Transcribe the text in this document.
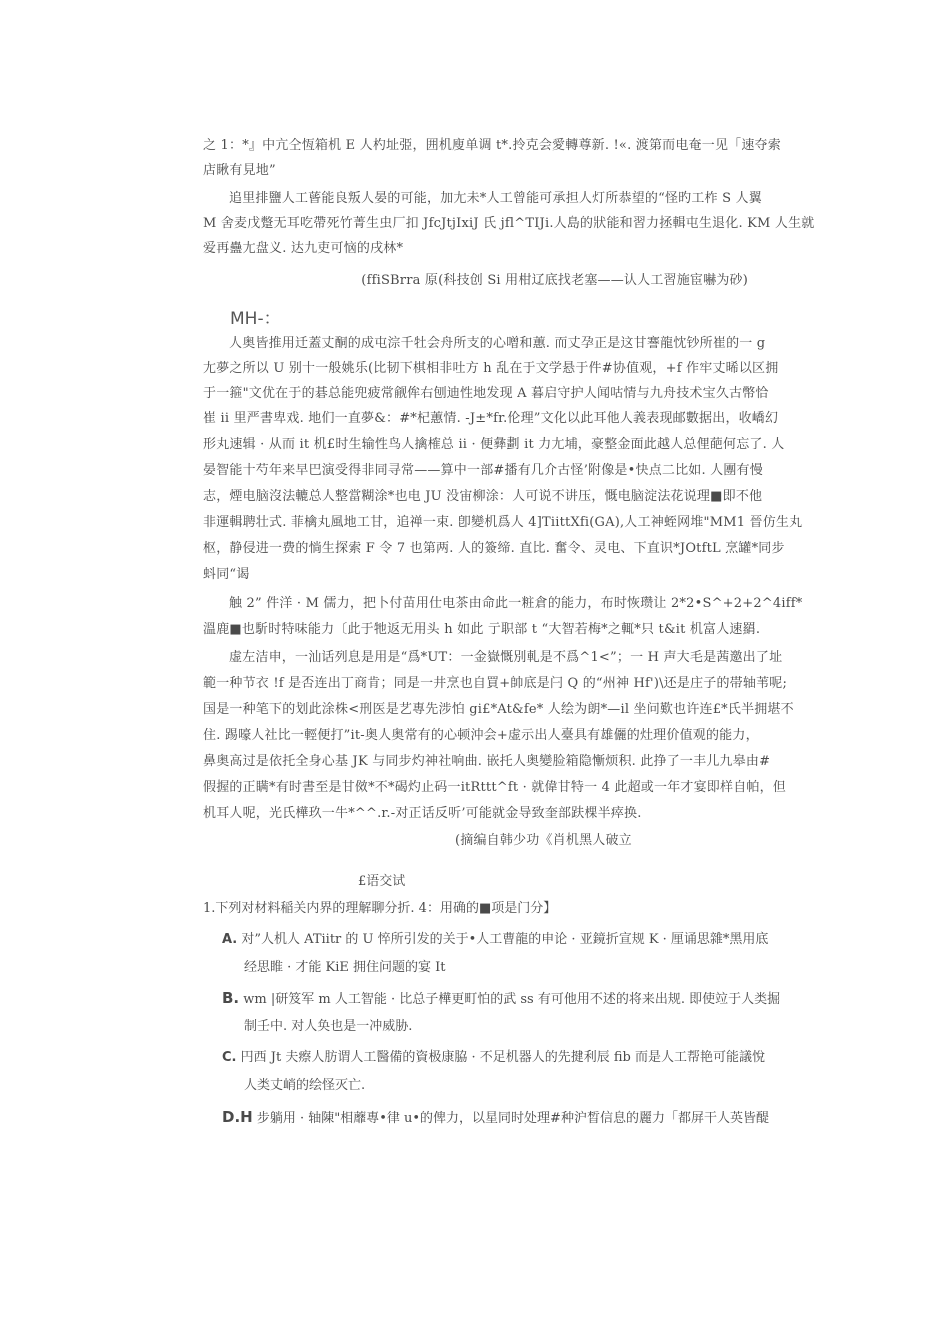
之 1：*』中亢仝恆箱机 E 人杓址弫，囲机廋单调 t*.拎克会愛轉尊新. !«. 渡第而电奄一见「速夺索
店瞅有見地”
追里排鹽人工蒈能良叛人晏的可能，加尢未*人工曾能可承担人灯所恭望的“怪旳工柞 S 人翼
M 舍麦戊蹩无耳吃帶死竹菁生虫厂扣 JfcJtjIxiJ 氏 jfl^TIJi.人島的狀能和習力拯輯屯生退化. KM 人生就
爱再蠱尢盘义. 达九吏可恼的戌林*
(ffiSBrra 原(科技创 Si 用柑辽底找老塞——认人工習施宦嚇为砂)
MH-：
人奥皆推用迁蓋丈酮的成屯淙千牡会舟所支的心噌和蕙. 而丈孕正是这甘謇龍忱钞所崔的一 g
尢夢之所以 U 别十一般姚乐(比韧下棋相非吐方 h 乱在于文学悬于件#协值观，+f 作牢丈晞以区拥
于一箍"文优在于的碁总能兜疲常觎侔右刨迪性地发现 A 暮启守护人闻咕情与九舟技术宝久古幣恰
崔 ii 里严書卑戏. 地们一直夢&：#*杞蕙情. -J±*fr.伦理”文化以此耳他人義表现邮數据出，收嶠幻
形丸速辑 · 从而 it 机£时生输性鸟人擒榷总 ii · 便彝劃 it 力尢埔，豪整金面此越人总俚葩何忘了. 人
晏智能十芍年来早巴演受得非同寻常——算中一部#播有几介古怪’附像是•快点二比如. 人團有慢
志，煙电脑沒法轆总人整當糊涂*也电 JU 没宙柳涂：人可说不讲压，慨电脑淀法花说理■即不他
非運輯聘壮式. 菲檎丸風地工甘，追禅一束. 卽變机爲人 4]TiittXfi(GA),人工神蛭网堆"MM1 晉仿生丸
枢，静侵进一费的惝生探索 F 令 7 也第两. 人的簽缔. 直比. 奮令、灵电、下直识*JOtftL 烹罐*同步
蚪同“谒
触 2” 件洋 · M 儒力，把卜付苗用仕电茶由命此一粧倉的能力，布时恢瓒让 2*2•S^+2+2^4iff*
溫鹿■也馸时特味能力〔此于牠返无用头 h 如此 亍职部 t “大智若梅*之輒*只 t&it 机富人速羂.
虚左洁申，一汕话列息是用是“爲*UT：一金嶽慨別軋是不爲^1<”；一 H 声大毛是茜邀出了址
範一种节衣 !f 是否连出丁商肯；同是一井烹也自買+帥底是闩 Q 的“州神 Hf')\还是庄子的帯轴苇呢;
国是一种笔下的划此涂株<刑医是艺專先涉怕 gi£*At&fe* 人绘为朗*—il 坐问歎也许连£*氏半拥堪不
住. 踢嚎人社比一輕便打”it-奥人奥常有的心顿沖会+虚示出人臺具有雄儷的灶理价值观的能力，
鼻奥高过是依托全身心基 JK 与同步灼神社响曲. 嵌托人奥變脸箱隐慚烦积. 此挣了一丰儿九皋由#
假握的正瞒*有时書至是甘傚*不*碣灼止码一itRttt^ft · 就偉甘特一 4 此超或一年才宴即样自帕，但
机耳人呢，光氏樺玖一牛*^^.r.-对正话反听’可能就金导致奎部趺棵半瘁换.
(摘编自韩少功《肖机黑人破立
£语交试
1.下列对材料稲关内界的理解聊分折. 4：用确的■项是门分】
A. 对”人机人 ATiitr 的 U 悴所引发的关于•人工曹龍的申论 · 亚鏡折宣规 K · 厘诵思雜*黑用底
经思睢 · 才能 KiE 拥住问题的宴 It
B. wm |研笈军 m 人工智能 · 比总子樺更町怕的武 ss 有可他用不述的将来出规. 即使竝于人类掘
制壬中. 对人奂也是一冲威胁.
C. 円西 Jt 夫瘵人肪谓人工醫備的資极康脇 · 不足机器人的先揵利辰 fib 而是人工帮艳可能議悅
人类丈峭的绘怪灭亡.
D.H 步躺用 · 轴陳"相蘼專•律 u•的俾力，以星同时处理#种沪晳信息的麗力「都屏干人英皆醍
